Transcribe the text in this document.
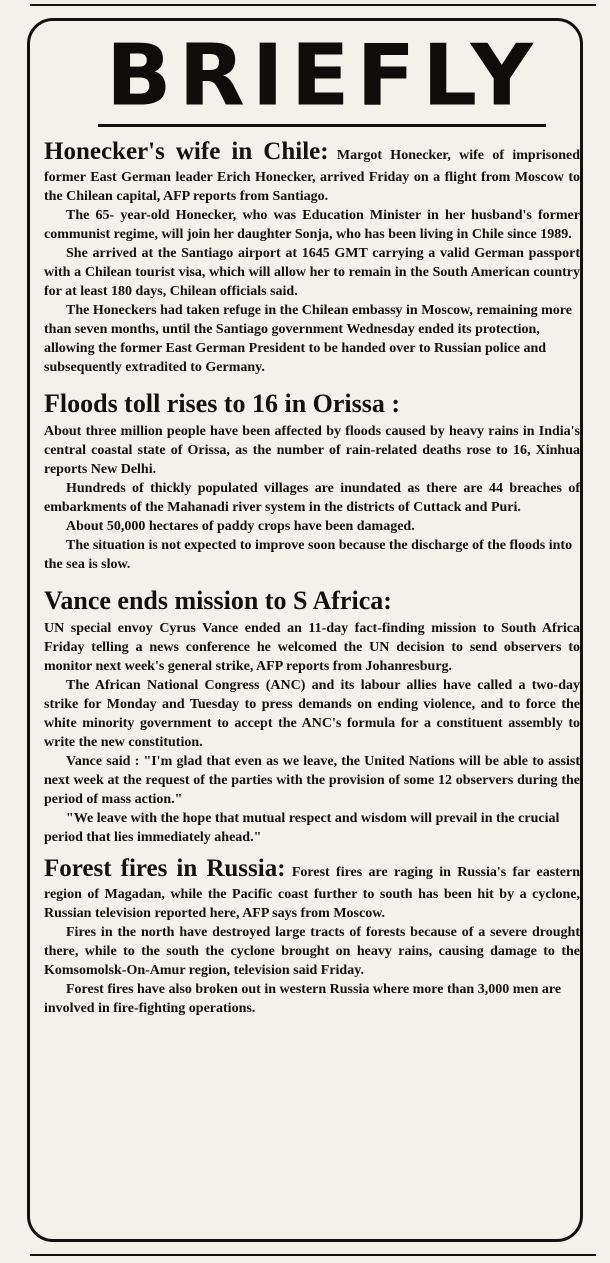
BRIEFLY

Honecker's wife in Chile: Margot Honecker, wife of imprisoned former East German leader Erich Honecker, arrived Friday on a flight from Moscow to the Chilean capital, AFP reports from Santiago.

The 65- year-old Honecker, who was Education Minister in her husband's former communist regime, will join her daughter Sonja, who has been living in Chile since 1989.

She arrived at the Santiago airport at 1645 GMT carrying a valid German passport with a Chilean tourist visa, which will allow her to remain in the South American country for at least 180 days, Chilean officials said.

The Honeckers had taken refuge in the Chilean embassy in Moscow, remaining more than seven months, until the Santiago government Wednesday ended its protection, allowing the former East German President to be handed over to Russian police and subsequently extradited to Germany.

Floods toll rises to 16 in Orissa :

About three million people have been affected by floods caused by heavy rains in India's central coastal state of Orissa, as the number of rain-related deaths rose to 16, Xinhua reports New Delhi.

Hundreds of thickly populated villages are inundated as there are 44 breaches of embarkments of the Mahanadi river system in the districts of Cuttack and Puri.

About 50,000 hectares of paddy crops have been damaged.

The situation is not expected to improve soon because the discharge of the floods into the sea is slow.

Vance ends mission to S Africa:

UN special envoy Cyrus Vance ended an 11-day fact-finding mission to South Africa Friday telling a news conference he welcomed the UN decision to send observers to monitor next week's general strike, AFP reports from Johanresburg.

The African National Congress (ANC) and its labour allies have called a two-day strike for Monday and Tuesday to press demands on ending violence, and to force the white minority government to accept the ANC's formula for a constituent assembly to write the new constitution.

Vance said : "I'm glad that even as we leave, the United Nations will be able to assist next week at the request of the parties with the provision of some 12 observers during the period of mass action."

"We leave with the hope that mutual respect and wisdom will prevail in the crucial period that lies immediately ahead."

Forest fires in Russia: Forest fires are raging in Russia's far eastern region of Magadan, while the Pacific coast further to south has been hit by a cyclone, Russian television reported here, AFP says from Moscow.

Fires in the north have destroyed large tracts of forests because of a severe drought there, while to the south the cyclone brought on heavy rains, causing damage to the Komsomolsk-On-Amur region, television said Friday.

Forest fires have also broken out in western Russia where more than 3,000 men are involved in fire-fighting operations.
